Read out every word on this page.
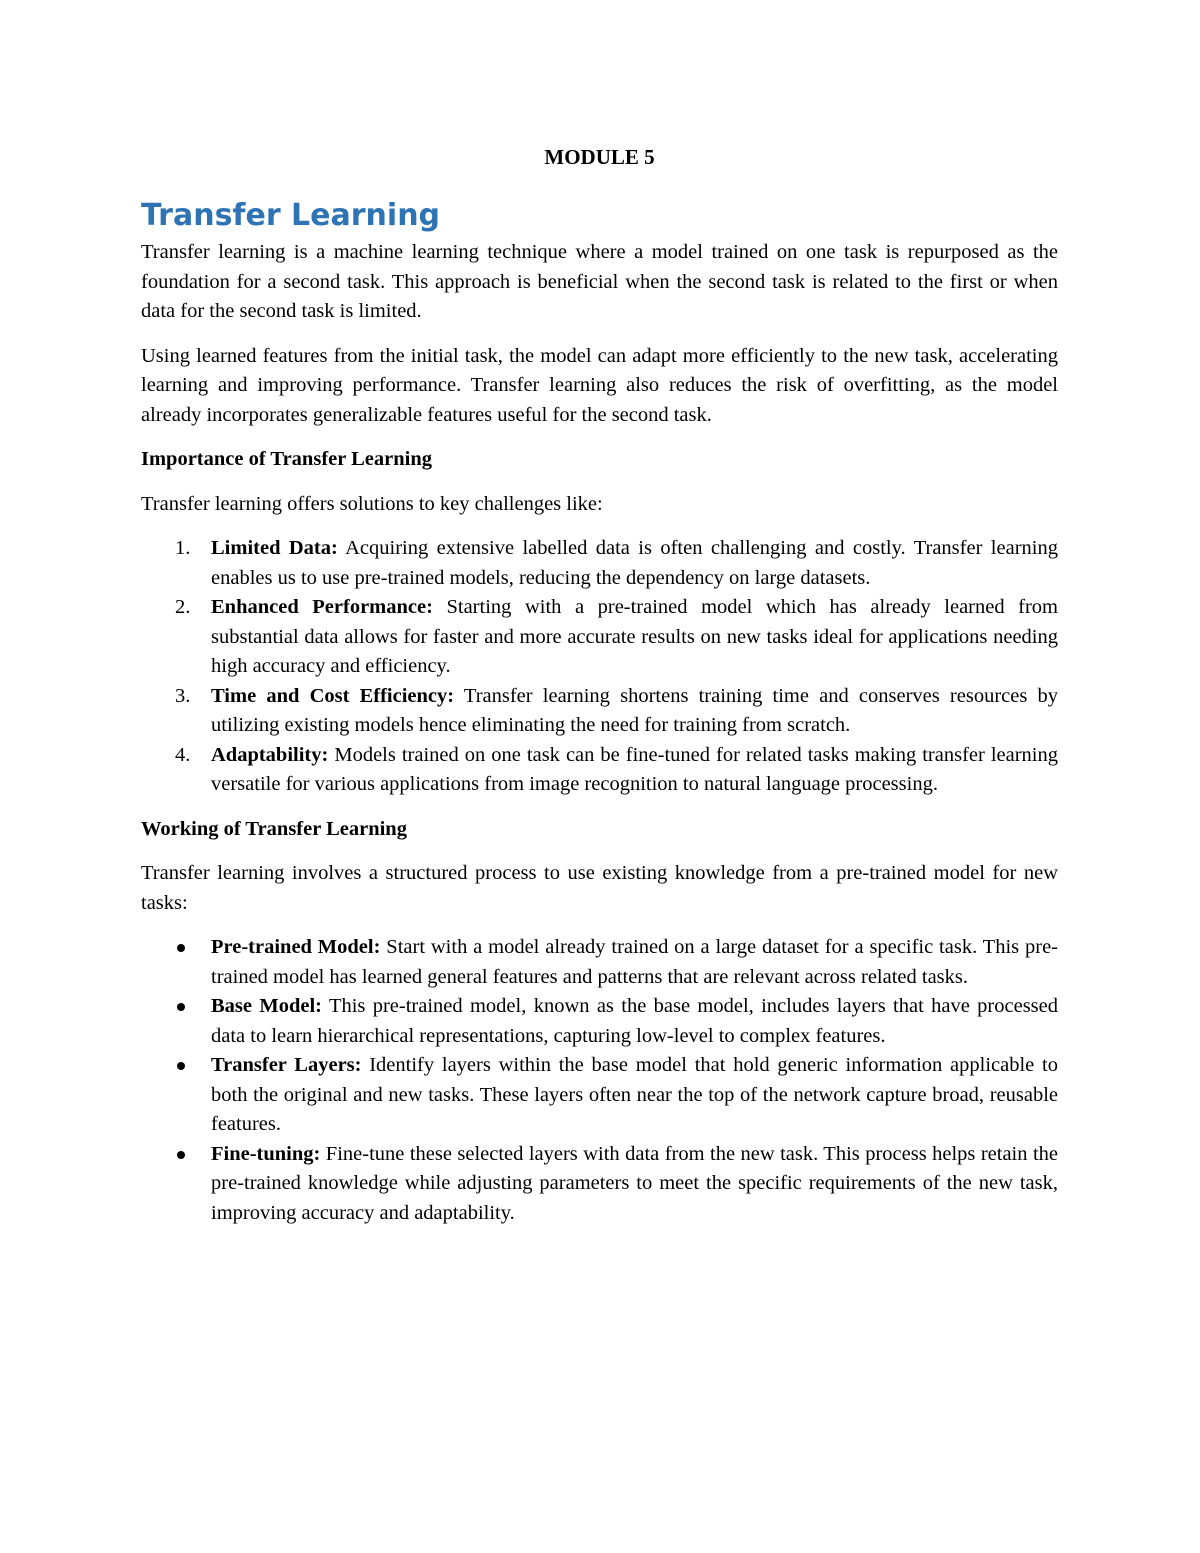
MODULE 5
Transfer Learning

Transfer learning is a machine learning technique where a model trained on one task is repurposed as the foundation for a second task. This approach is beneficial when the second task is related to the first or when data for the second task is limited.

Using learned features from the initial task, the model can adapt more efficiently to the new task, accelerating learning and improving performance. Transfer learning also reduces the risk of overfitting, as the model already incorporates generalizable features useful for the second task.

Importance of Transfer Learning

Transfer learning offers solutions to key challenges like:

1. Limited Data: Acquiring extensive labelled data is often challenging and costly. Transfer learning enables us to use pre-trained models, reducing the dependency on large datasets.
2. Enhanced Performance: Starting with a pre-trained model which has already learned from substantial data allows for faster and more accurate results on new tasks ideal for applications needing high accuracy and efficiency.
3. Time and Cost Efficiency: Transfer learning shortens training time and conserves resources by utilizing existing models hence eliminating the need for training from scratch.
4. Adaptability: Models trained on one task can be fine-tuned for related tasks making transfer learning versatile for various applications from image recognition to natural language processing.
Working of Transfer Learning

Transfer learning involves a structured process to use existing knowledge from a pre-trained model for new tasks:

Pre-trained Model: Start with a model already trained on a large dataset for a specific task. This pre-trained model has learned general features and patterns that are relevant across related tasks.
Base Model: This pre-trained model, known as the base model, includes layers that have processed data to learn hierarchical representations, capturing low-level to complex features.
Transfer Layers: Identify layers within the base model that hold generic information applicable to both the original and new tasks. These layers often near the top of the network capture broad, reusable features.
Fine-tuning: Fine-tune these selected layers with data from the new task. This process helps retain the pre-trained knowledge while adjusting parameters to meet the specific requirements of the new task, improving accuracy and adaptability.
